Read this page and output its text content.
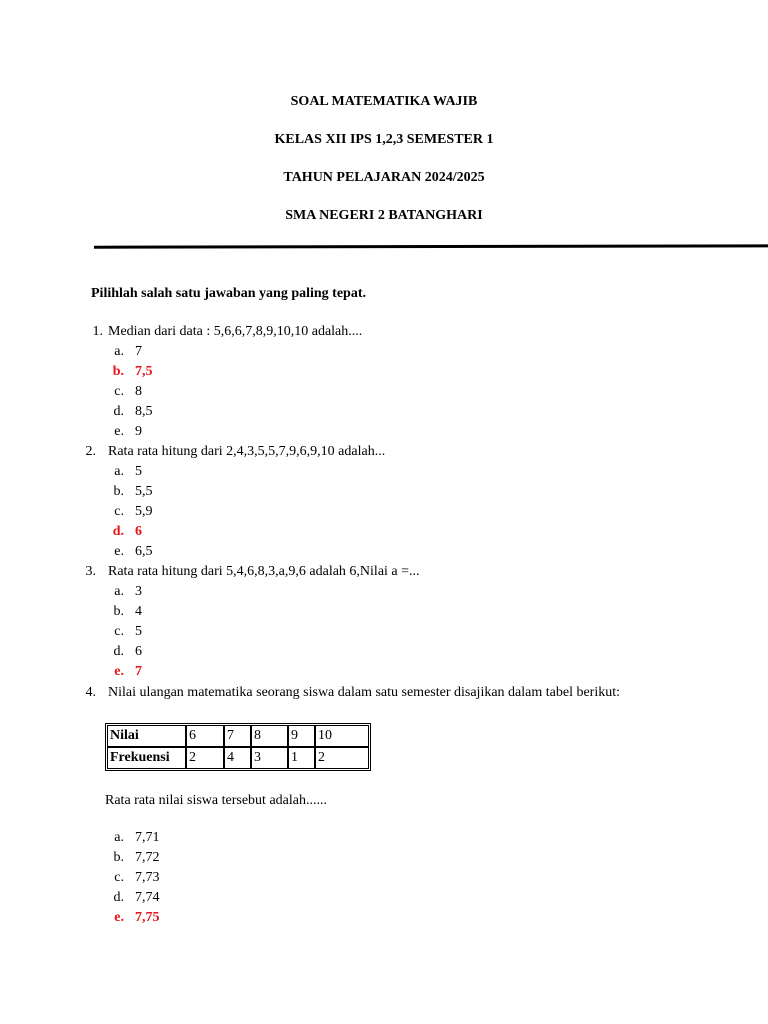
SOAL MATEMATIKA WAJIB
KELAS XII IPS 1,2,3 SEMESTER 1
TAHUN PELAJARAN 2024/2025
SMA NEGERI 2 BATANGHARI
Pilihlah salah satu jawaban yang paling tepat.
1. Median dari data : 5,6,6,7,8,9,10,10 adalah....
a. 7
b. 7,5
c. 8
d. 8,5
e. 9
2. Rata rata hitung dari 2,4,3,5,5,7,9,6,9,10 adalah...
a. 5
b. 5,5
c. 5,9
d. 6
e. 6,5
3. Rata rata hitung dari 5,4,6,8,3,a,9,6 adalah 6,Nilai a =...
a. 3
b. 4
c. 5
d. 6
e. 7
4. Nilai ulangan matematika seorang siswa dalam satu semester disajikan dalam tabel berikut:
Nilai	6	7	8	9	10
Frekuensi	2	4	3	1	2
Rata rata nilai siswa tersebut adalah......
a. 7,71
b. 7,72
c. 7,73
d. 7,74
e. 7,75
